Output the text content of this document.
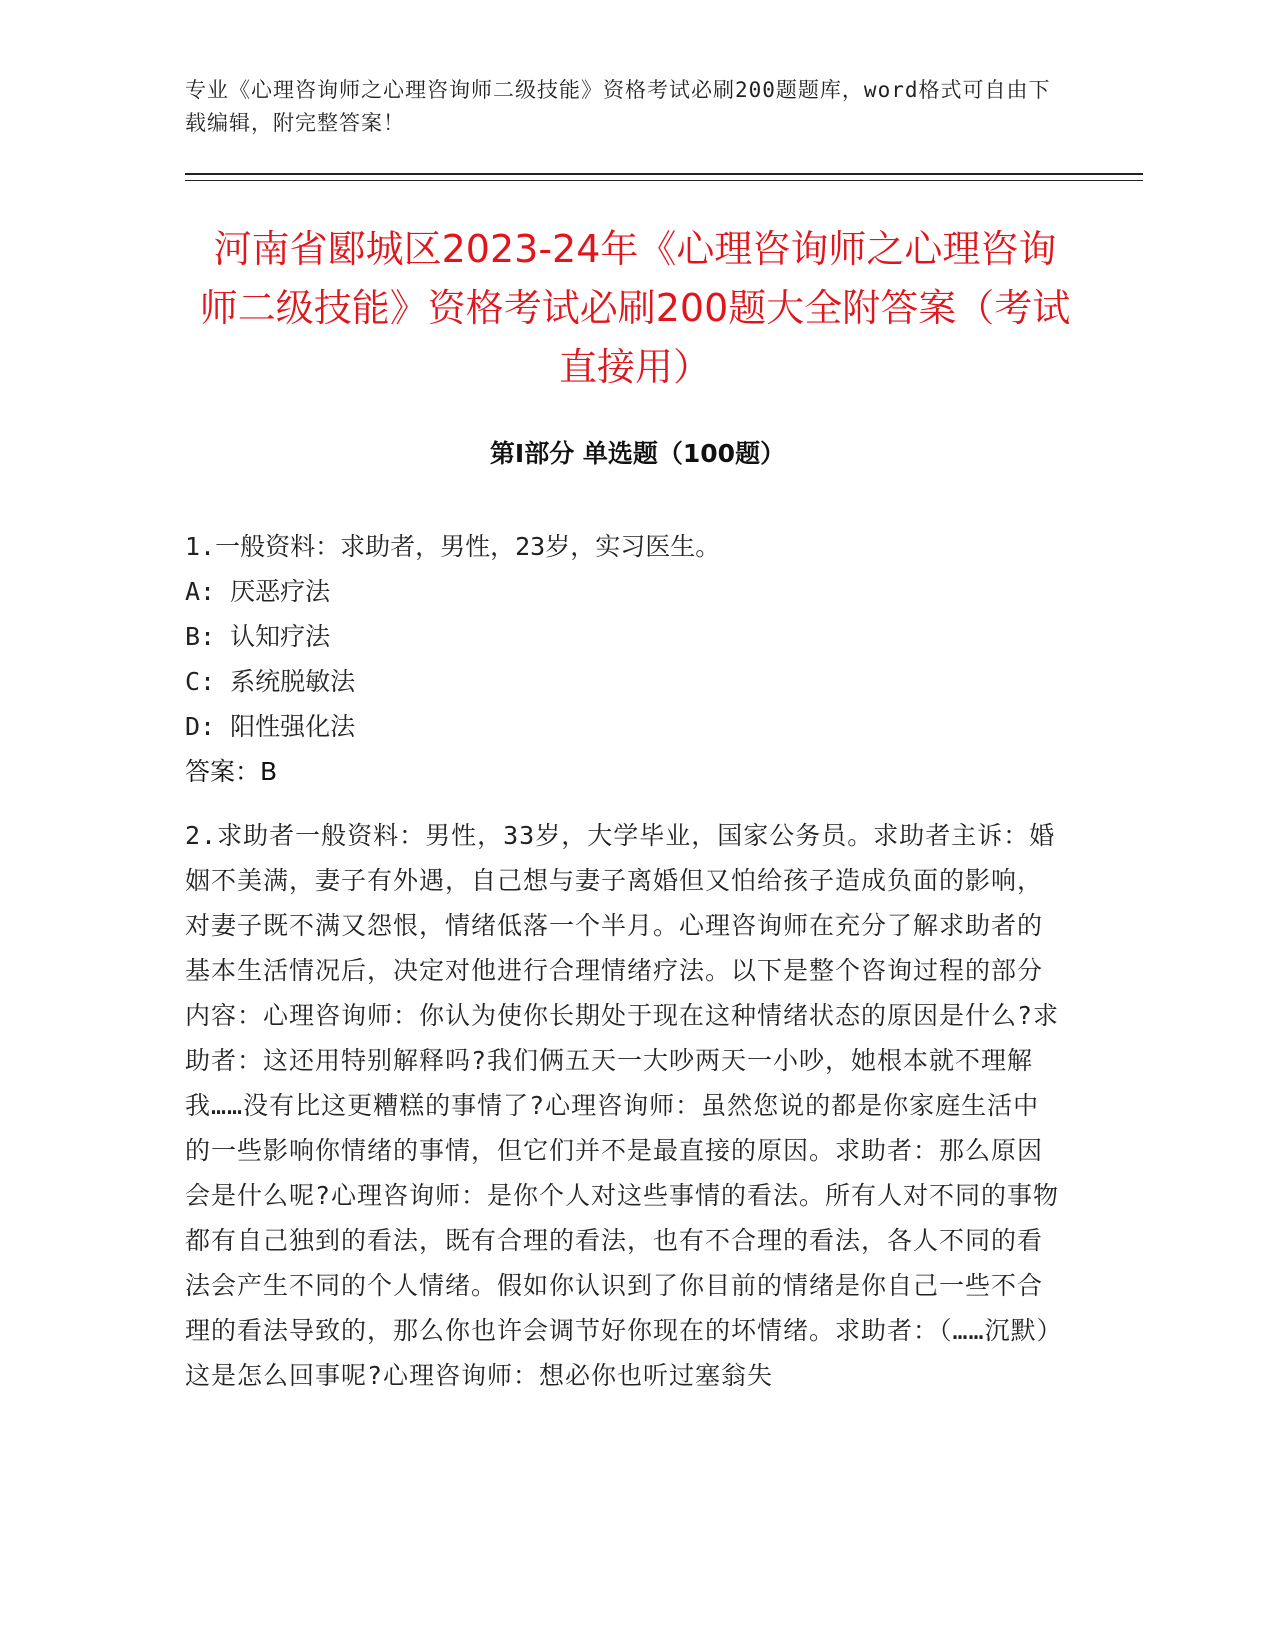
专业《心理咨询师之心理咨询师二级技能》资格考试必刷200题题库，word格式可自由下载编辑，附完整答案！
河南省郾城区2023-24年《心理咨询师之心理咨询师二级技能》资格考试必刷200题大全附答案（考试直接用）
第Ⅰ部分 单选题（100题）
1.一般资料：求助者，男性，23岁，实习医生。
A: 厌恶疗法
B: 认知疗法
C: 系统脱敏法
D: 阳性强化法
答案：B
2.求助者一般资料：男性，33岁，大学毕业，国家公务员。求助者主诉：婚姻不美满，妻子有外遇，自己想与妻子离婚但又怕给孩子造成负面的影响，对妻子既不满又怨恨，情绪低落一个半月。心理咨询师在充分了解求助者的基本生活情况后，决定对他进行合理情绪疗法。以下是整个咨询过程的部分内容：心理咨询师：你认为使你长期处于现在这种情绪状态的原因是什么?求助者：这还用特别解释吗?我们俩五天一大吵两天一小吵，她根本就不理解我……没有比这更糟糕的事情了?心理咨询师：虽然您说的都是你家庭生活中的一些影响你情绪的事情，但它们并不是最直接的原因。求助者：那么原因会是什么呢?心理咨询师：是你个人对这些事情的看法。所有人对不同的事物都有自己独到的看法，既有合理的看法，也有不合理的看法，各人不同的看法会产生不同的个人情绪。假如你认识到了你目前的情绪是你自己一些不合理的看法导致的，那么你也许会调节好你现在的坏情绪。求助者：（……沉默）这是怎么回事呢?心理咨询师：想必你也听过塞翁失
